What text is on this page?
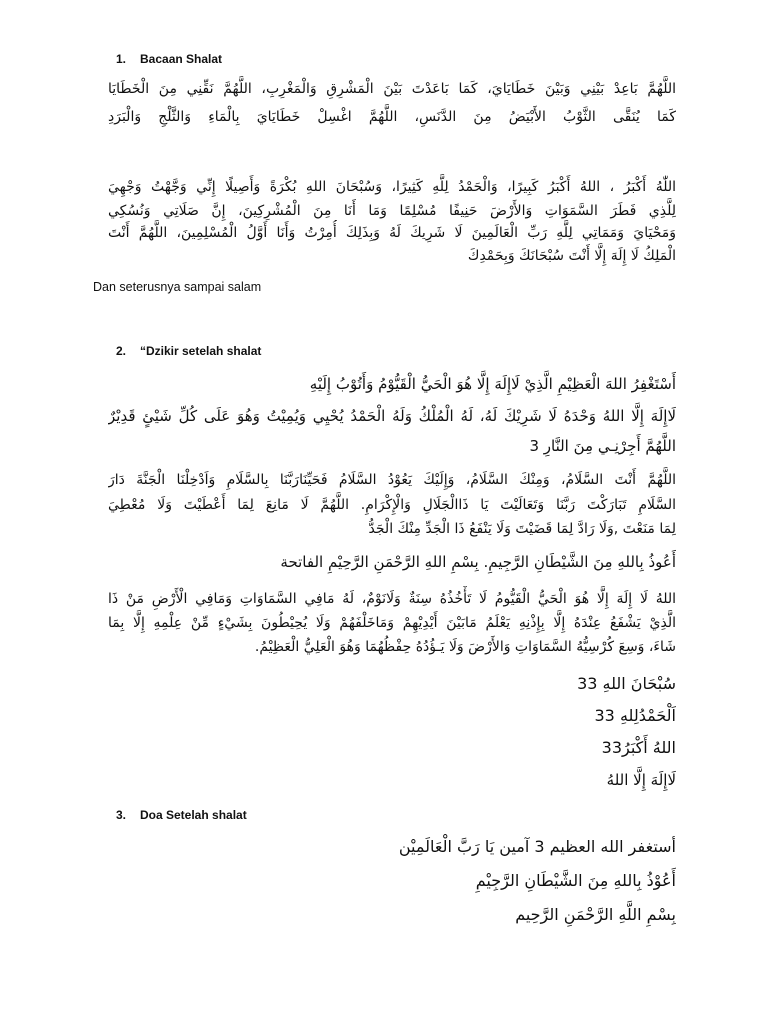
1. Bacaan Shalat
اللَّهُمَّ بَاعِدْ بَيْنِي وَبَيْنَ خَطَايَايَ، كَمَا بَاعَدْتَ بَيْنَ الْمَشْرِقِ وَالْمَغْرِبِ، اللَّهُمَّ نَقِّنِي مِنَ الْخَطَايَا
كَمَا يُنَقَّى الثَّوْبُ الأَبْيَضُ مِنَ الدَّنَسِ، اللَّهُمَّ اغْسِلْ خَطَايَايَ بِالْمَاءِ وَالثَّلْجِ وَالْبَرَدِ
اللّٰهُ أَكْبَرُ ، اللهُ أَكْبَرُ كَبِيرًا، وَالْحَمْدُ لِلَّهِ كَثِيرًا، وَسُبْحَانَ اللهِ بُكْرَةً وَأَصِيلًا إِنِّي وَجَّهْتُ وَجْهِيَ
لِلَّذِي فَطَرَ السَّمَوَاتِ وَالأَرْضَ حَنِيفًا مُسْلِمًا وَمَا أَنَا مِنَ الْمُشْرِكِينَ، إِنَّ صَلَاتِي وَنُسُكِي
وَمَحْيَايَ وَمَمَاتِي لِلَّهِ رَبِّ الْعَالَمِينَ لَا شَرِيكَ لَهُ وَبِذَلِكَ أُمِرْتُ وَأَنَا أَوَّلُ الْمُسْلِمِينَ، اللَّهُمَّ أَنْتَ
الْمَلِكُ لَا إِلَهَ إِلَّا أَنْتَ سُبْحَانَكَ وَبِحَمْدِكَ
Dan seterusnya sampai salam
2. “Dzikir setelah shalat
أَسْتَغْفِرُ اللهَ الْعَظِيْمِ الَّذِيْ لَاإِلَهَ إِلَّا هُوَ الْحَيُّ الْقَيُّوْمُ وَأَتُوْبُ إِلَيْهِ
لَاإِلَهَ إِلَّا اللهُ وَحْدَهُ لَا شَرِيْكَ لَهُ، لَهُ الْمُلْكُ وَلَهُ الْحَمْدُ يُحْيِي وَيُمِيْتُ وَهُوَ عَلَى كُلِّ شَيْئٍ قَدِيْرٌ
اللَّهُمَّ أَجِرْنِـي مِنَ النَّارِ 3
اللَّهُمَّ أَنْتَ السَّلَامُ، وَمِنْكَ السَّلَامُ، وَإِلَيْكَ يَعُوْدُ السَّلَامُ فَحَيِّنَارَبَّنَا بِالسَّلَامِ وَاَدْخِلْنَا الْجَنَّةَ دَارَ
السَّلَامِ تَبَارَكْتَ رَبَّنَا وَتَعَالَيْتَ يَا ذَاالْجَلَالِ وَالْإِكْرَامِ. اللَّهُمَّ لَا مَانِعَ لِمَا أَعْطَيْتَ وَلَا مُعْطِيَ
لِمَا مَنَعْتَ ,وَلَا رَادَّ لِمَا قَضَيْتَ وَلَا يَنْفَعُ ذَا الْجَدِّ مِنْكَ الْجَدُّ
أَعُوذُ بِاللهِ مِنَ الشَّيْطَانِ الرَّجِيمِ. بِسْمِ اللهِ الرَّحْمَنِ الرَّحِيْمِ الفاتحة
اللهُ لَا إِلَهَ إِلَّا هُوَ الْحَيُّ الْقَيُّومُ لَا تَأْخُذُهُ سِنَةٌ وَلَانَوْمٌ، لَهُ مَافِي السَّمَاوَاتِ وَمَافِي الْأَرْضِ مَنْ ذَا
الَّذِيْ يَشْفَعُ عِنْدَهُ إِلَّا بِإِذْنِهِ يَعْلَمُ مَابَيْنَ أَيْدِيْهِمْ وَمَاخَلْفَهُمْ وَلَا يُحِيْطُونَ بِشَيْءٍ مِّنْ عِلْمِهِ إِلَّا بِمَا
شَاءَ، وَسِعَ كُرْسِيُّهُ السَّمَاوَاتِ وَالأَرْضَ وَلَا يَـؤُدُهُ حِفْظُهُمَا وَهُوَ الْعَلِيُّ الْعَظِيْمُ.
سُبْحَانَ اللهِ 33
اَلْحَمْدُلِلهِ 33
اللهُ أَكْبَرُ33
لَاإِلَهَ إِلَّا اللهُ
3. Doa Setelah shalat
أستغفر الله العظيم 3 آمين يَا رَبَّ الْعَالَمِيْن
أَعُوْذُ بِاللهِ مِنَ الشَّيْطَانِ الرَّجِيْمِ
بِسْمِ اللَّهِ الرَّحْمَنِ الرَّحِيم
